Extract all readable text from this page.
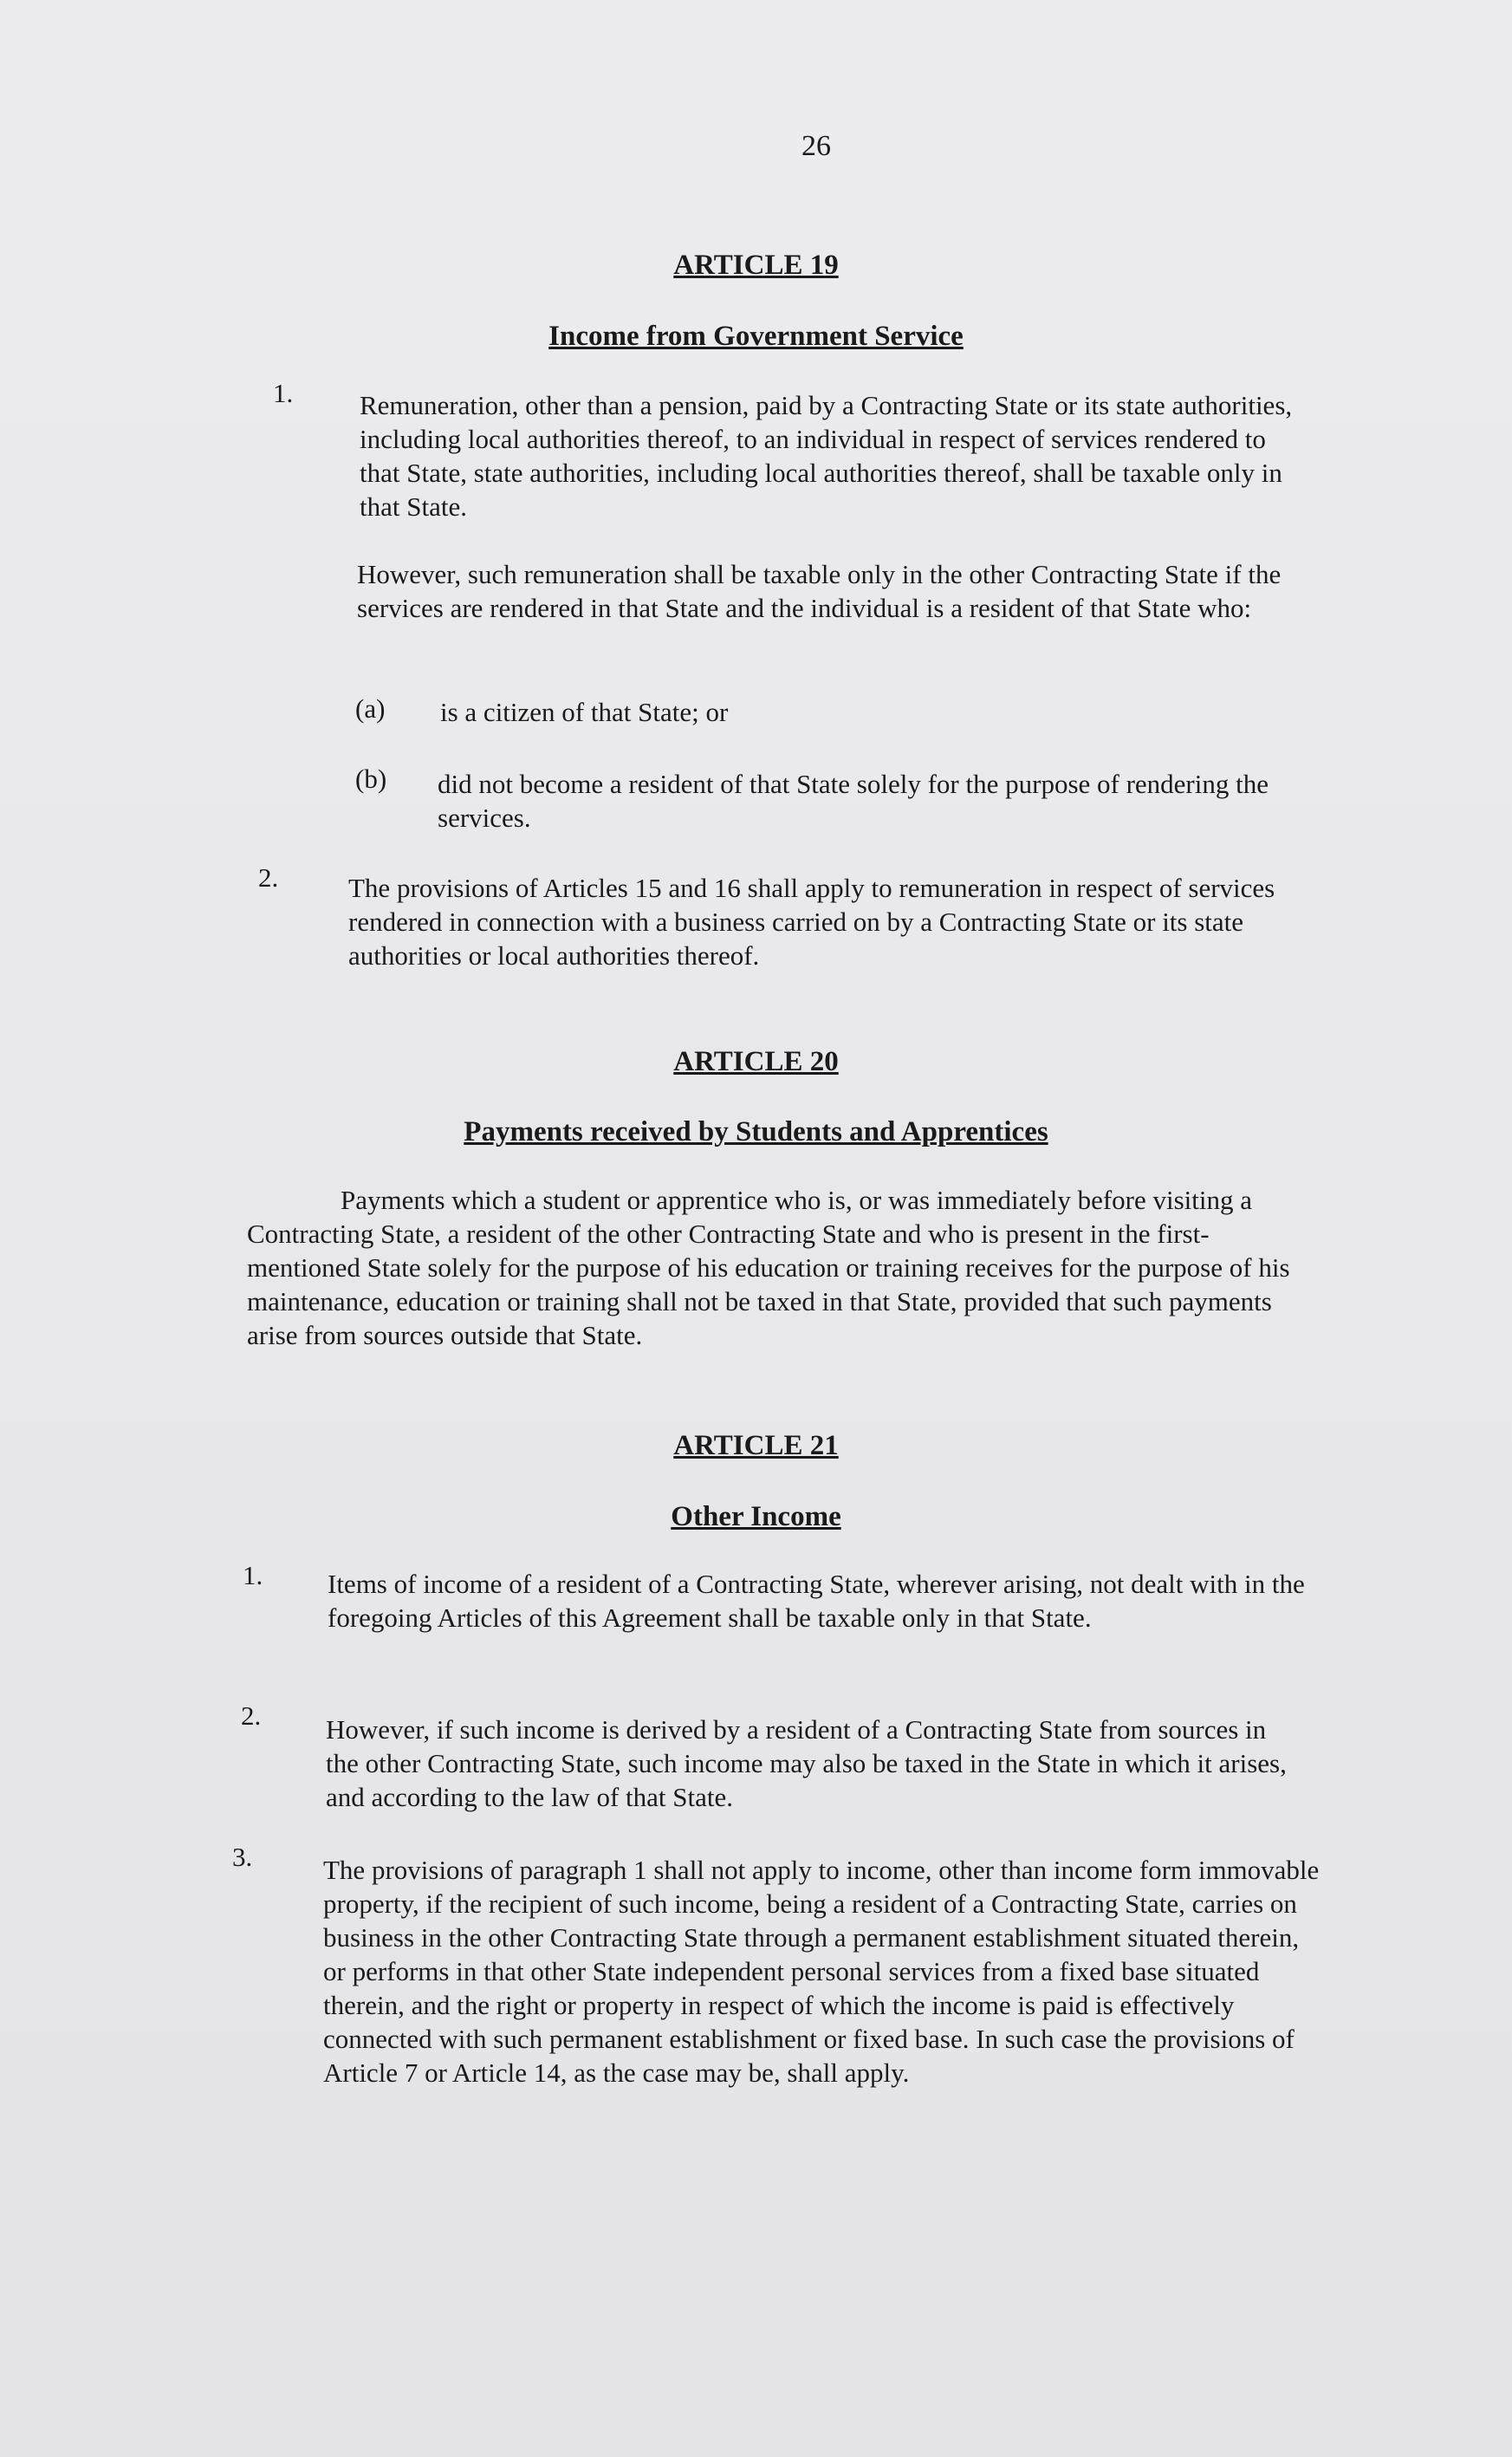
26
ARTICLE 19
Income from Government Service
1. Remuneration, other than a pension, paid by a Contracting State or its state authorities, including local authorities thereof, to an individual in respect of services rendered to that State, state authorities, including local authorities thereof, shall be taxable only in that State.

However, such remuneration shall be taxable only in the other Contracting State if the services are rendered in that State and the individual is a resident of that State who:

(a) is a citizen of that State; or

(b) did not become a resident of that State solely for the purpose of rendering the services.

2.	The provisions of Articles 15 and 16 shall apply to remuneration in respect of services rendered in connection with a business carried on by a Contracting State or its state authorities or local authorities thereof.

ARTICLE 20
Payments received by Students and Apprentices

Payments which a student or apprentice who is, or was immediately before visiting a Contracting State, a resident of the other Contracting State and who is present in the first-mentioned State solely for the purpose of his education or training receives for the purpose of his maintenance, education or training shall not be taxed in that State, provided that such payments arise from sources outside that State.

ARTICLE 21
Other Income
1. Items of income of a resident of a Contracting State, wherever arising, not dealt with in the foregoing Articles of this Agreement shall be taxable only in that State.

2. However, if such income is derived by a resident of a Contracting State from sources in the other Contracting State, such income may also be taxed in the State in which it arises, and according to the law of that State.

3.	The provisions of paragraph 1 shall not apply to income, other than income form immovable property, if the recipient of such income, being a resident of a Contracting State, carries on business in the other Contracting State through a permanent establishment situated therein, or performs in that other State independent personal services from a fixed base situated therein, and the right or property in respect of which the income is paid is effectively connected with such permanent establishment or fixed base. In such case the provisions of Article 7 or Article 14, as the case may be, shall apply.
